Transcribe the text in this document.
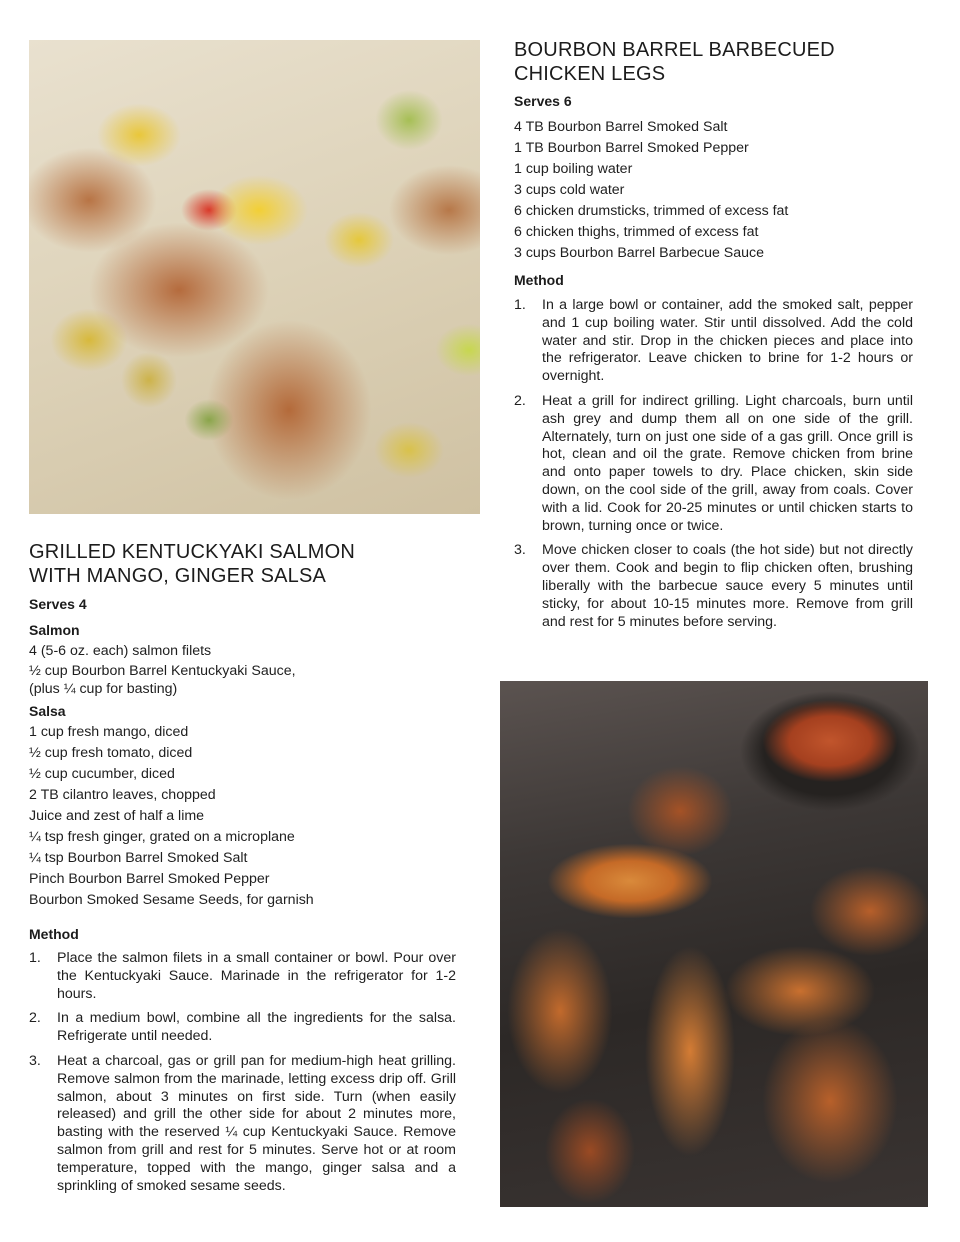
BOURBON BARREL BARBECUED
CHICKEN LEGS
Serves 6
4 TB Bourbon Barrel Smoked Salt
1 TB Bourbon Barrel Smoked Pepper
1 cup boiling water
3 cups cold water
6 chicken drumsticks, trimmed of excess fat
6 chicken thighs, trimmed of excess fat
3 cups Bourbon Barrel Barbecue Sauce
Method
1. In a large bowl or container, add the smoked salt, pepper and 1 cup boiling water. Stir until dissolved. Add the cold water and stir. Drop in the chicken pieces and place into the refrigerator. Leave chicken to brine for 1-2 hours or overnight.
2. Heat a grill for indirect grilling. Light charcoals, burn until ash grey and dump them all on one side of the grill. Alternately, turn on just one side of a gas grill. Once grill is hot, clean and oil the grate. Remove chicken from brine and onto paper towels to dry. Place chicken, skin side down, on the cool side of the grill, away from coals. Cover with a lid. Cook for 20-25 minutes or until chicken starts to brown, turning once or twice.
3. Move chicken closer to coals (the hot side) but not directly over them. Cook and begin to flip chicken often, brushing liberally with the barbecue sauce every 5 minutes until sticky, for about 10-15 minutes more. Remove from grill and rest for 5 minutes before serving.
GRILLED KENTUCKYAKI SALMON
WITH MANGO, GINGER SALSA
Serves 4
Salmon
4 (5-6 oz. each) salmon filets
½ cup Bourbon Barrel Kentuckyaki Sauce,
(plus ¼ cup for basting)
Salsa
1 cup fresh mango, diced
½ cup fresh tomato, diced
½ cup cucumber, diced
2 TB cilantro leaves, chopped
Juice and zest of half a lime
¼ tsp fresh ginger, grated on a microplane
¼ tsp Bourbon Barrel Smoked Salt
Pinch Bourbon Barrel Smoked Pepper
Bourbon Smoked Sesame Seeds, for garnish
Method
1. Place the salmon filets in a small container or bowl. Pour over the Kentuckyaki Sauce. Marinade in the refrigerator for 1-2 hours.
2. In a medium bowl, combine all the ingredients for the salsa. Refrigerate until needed.
3. Heat a charcoal, gas or grill pan for medium-high heat grilling. Remove salmon from the marinade, letting excess drip off. Grill salmon, about 3 minutes on first side. Turn (when easily released) and grill the other side for about 2 minutes more, basting with the reserved ¼ cup Kentuckyaki Sauce. Remove salmon from grill and rest for 5 minutes. Serve hot or at room temperature, topped with the mango, ginger salsa and a sprinkling of smoked sesame seeds.
